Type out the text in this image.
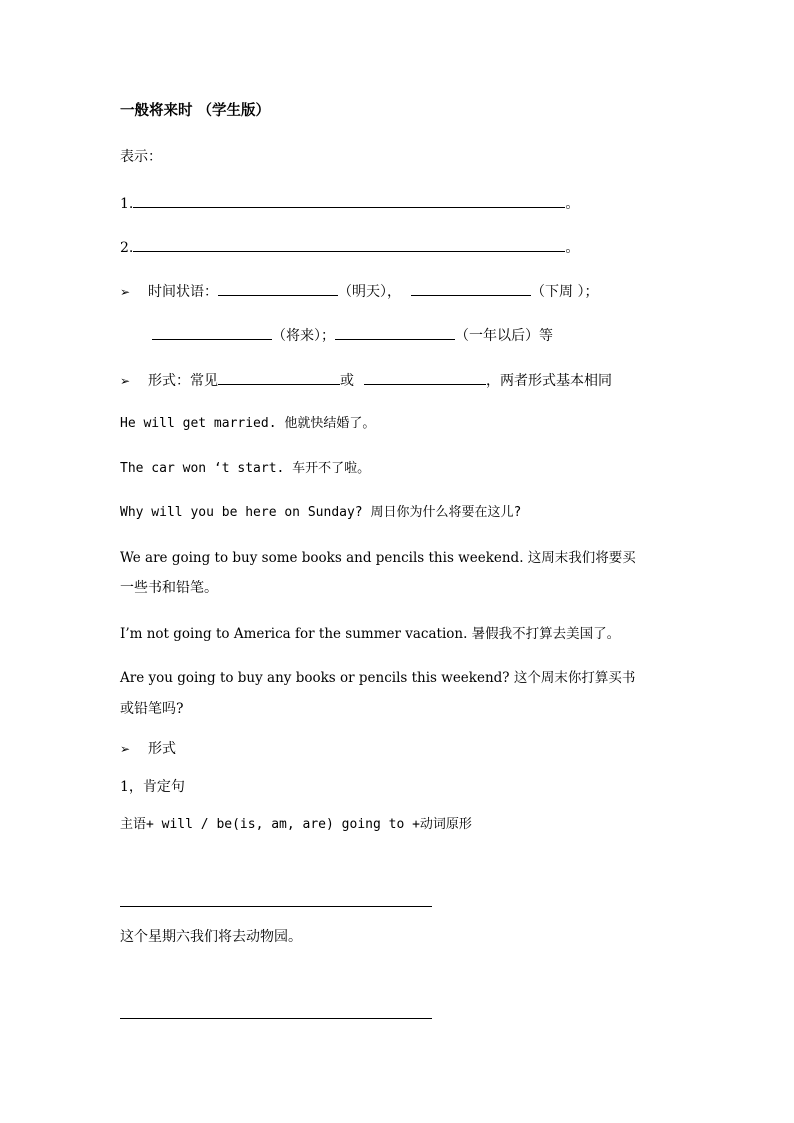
一般将来时 （学生版）
表示：
1.	。
2.	。
➢ 时间状语：	（明天），	（下周 ）；
（将来）；	（一年以后）等
➢ 形式：常见	或	，两者形式基本相同
He will get married. 他就快结婚了。
The car won ‘t start. 车开不了啦。
Why will you be here on Sunday? 周日你为什么将要在这儿?
We are going to buy some books and pencils this weekend. 这周末我们将要买
一些书和铅笔。
I’m not going to America for the summer vacation. 暑假我不打算去美国了。
Are you going to buy any books or pencils this weekend? 这个周末你打算买书
或铅笔吗?
➢ 形式
1，肯定句
主语+ will / be(is, am, are) going to +动词原形
这个星期六我们将去动物园。
